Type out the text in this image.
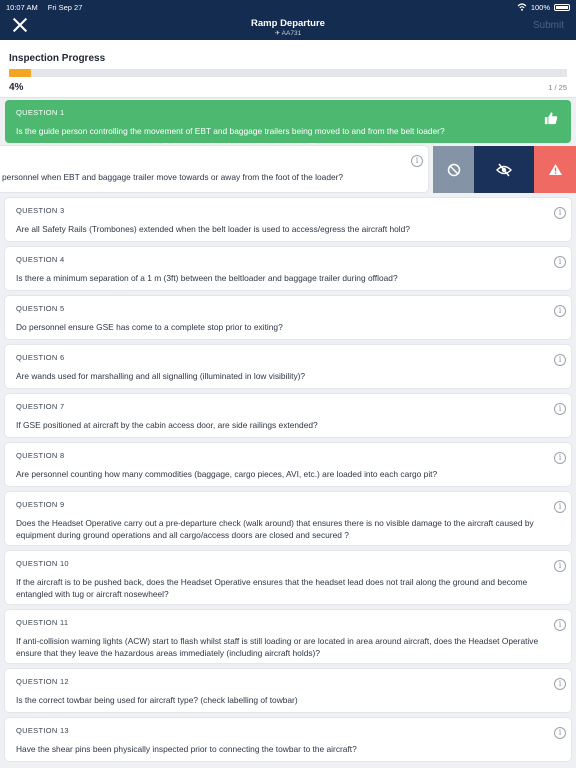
10:07 AM Fri Sep 27	100%
Ramp Departure
✈ AA731
Submit
Inspection Progress
4%	1 / 25
QUESTION 1
Is the guide person controlling the movement of EBT and baggage trailers being moved to and from the belt loader?
personnel when EBT and baggage trailer move towards or away from the foot of the loader?
i
QUESTION 3
Are all Safety Rails (Trombones) extended when the belt loader is used to access/egress the aircraft hold?
i
QUESTION 4
Is there a minimum separation of a 1 m (3ft) between the beltloader and baggage trailer during offload?
i
QUESTION 5
Do personnel ensure GSE has come to a complete stop prior to exiting?
i
QUESTION 6
Are wands used for marshalling and all signalling (illuminated in low visibility)?
i
QUESTION 7
If GSE positioned at aircraft by the cabin access door, are side railings extended?
i
QUESTION 8
Are personnel counting how many commodities (baggage, cargo pieces, AVI, etc.) are loaded into each cargo pit?
i
QUESTION 9
Does the Headset Operative carry out a pre-departure check (walk around) that ensures there is no visible damage to the aircraft caused by equipment during ground operations and all cargo/access doors are closed and secured ?
i
QUESTION 10
If the aircraft is to be pushed back, does the Headset Operative ensures that the headset lead does not trail along the ground and become entangled with tug or aircraft nosewheel?
i
QUESTION 11
If anti-collision warning lights (ACW) start to flash whilst staff is still loading or are located in area around aircraft, does the Headset Operative ensure that they leave the hazardous areas immediately (including aircraft holds)?
i
QUESTION 12
Is the correct towbar being used for aircraft type? (check labelling of towbar)
i
QUESTION 13
Have the shear pins been physically inspected prior to connecting the towbar to the aircraft?
i
